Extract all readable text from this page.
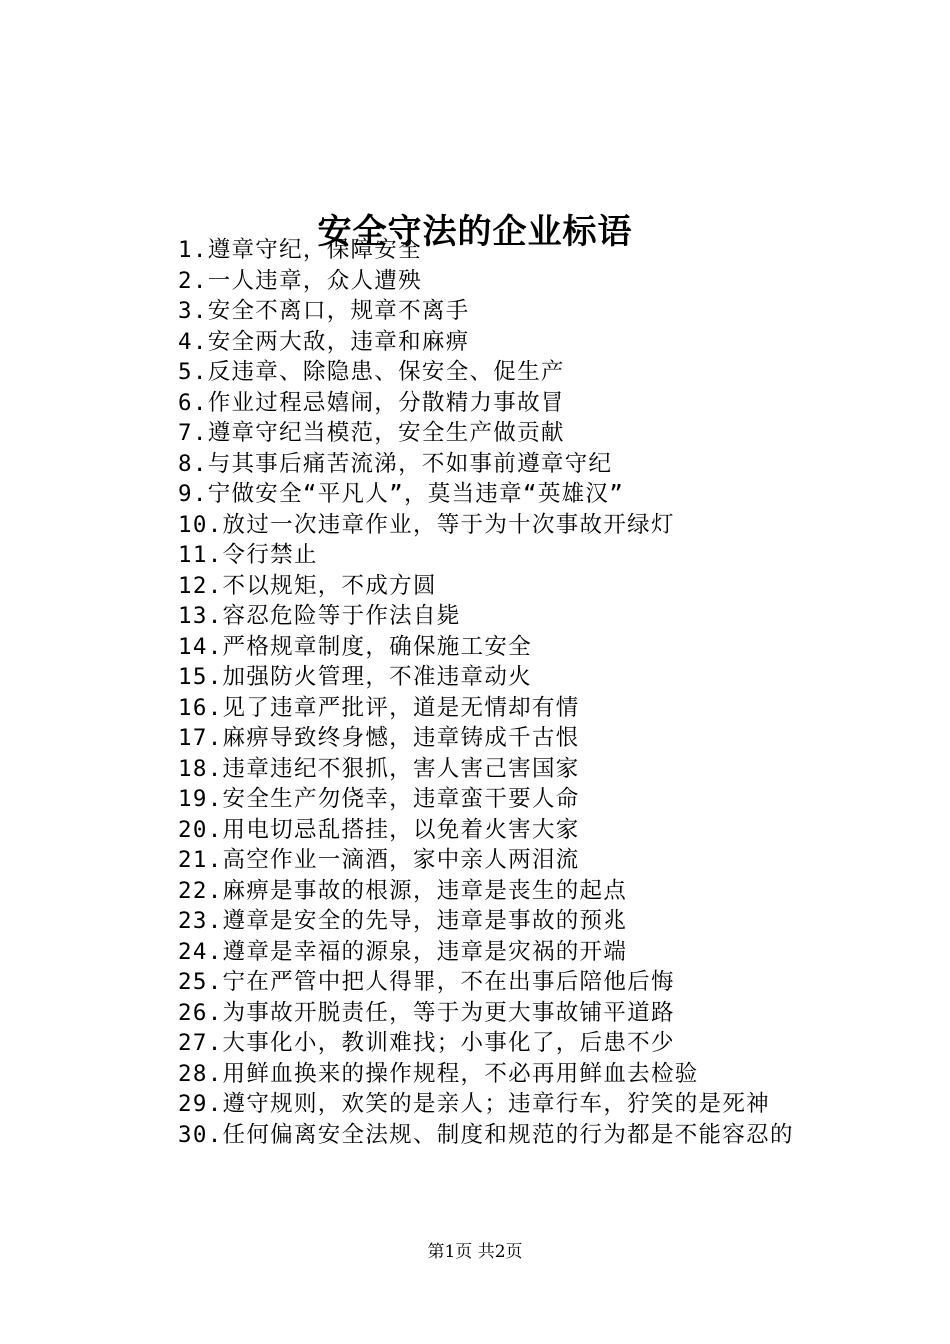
安全守法的企业标语
1.遵章守纪，保障安全
2.一人违章，众人遭殃
3.安全不离口，规章不离手
4.安全两大敌，违章和麻痹
5.反违章、除隐患、保安全、促生产
6.作业过程忌嬉闹，分散精力事故冒
7.遵章守纪当模范，安全生产做贡献
8.与其事后痛苦流涕，不如事前遵章守纪
9.宁做安全“平凡人”，莫当违章“英雄汉”
10.放过一次违章作业，等于为十次事故开绿灯
11.令行禁止
12.不以规矩，不成方圆
13.容忍危险等于作法自毙
14.严格规章制度，确保施工安全
15.加强防火管理，不准违章动火
16.见了违章严批评，道是无情却有情
17.麻痹导致终身憾，违章铸成千古恨
18.违章违纪不狠抓，害人害己害国家
19.安全生产勿侥幸，违章蛮干要人命
20.用电切忌乱搭挂，以免着火害大家
21.高空作业一滴酒，家中亲人两泪流
22.麻痹是事故的根源，违章是丧生的起点
23.遵章是安全的先导，违章是事故的预兆
24.遵章是幸福的源泉，违章是灾祸的开端
25.宁在严管中把人得罪，不在出事后陪他后悔
26.为事故开脱责任，等于为更大事故铺平道路
27.大事化小，教训难找；小事化了，后患不少
28.用鲜血换来的操作规程，不必再用鲜血去检验
29.遵守规则，欢笑的是亲人；违章行车，狞笑的是死神
30.任何偏离安全法规、制度和规范的行为都是不能容忍的
第1页 共2页
